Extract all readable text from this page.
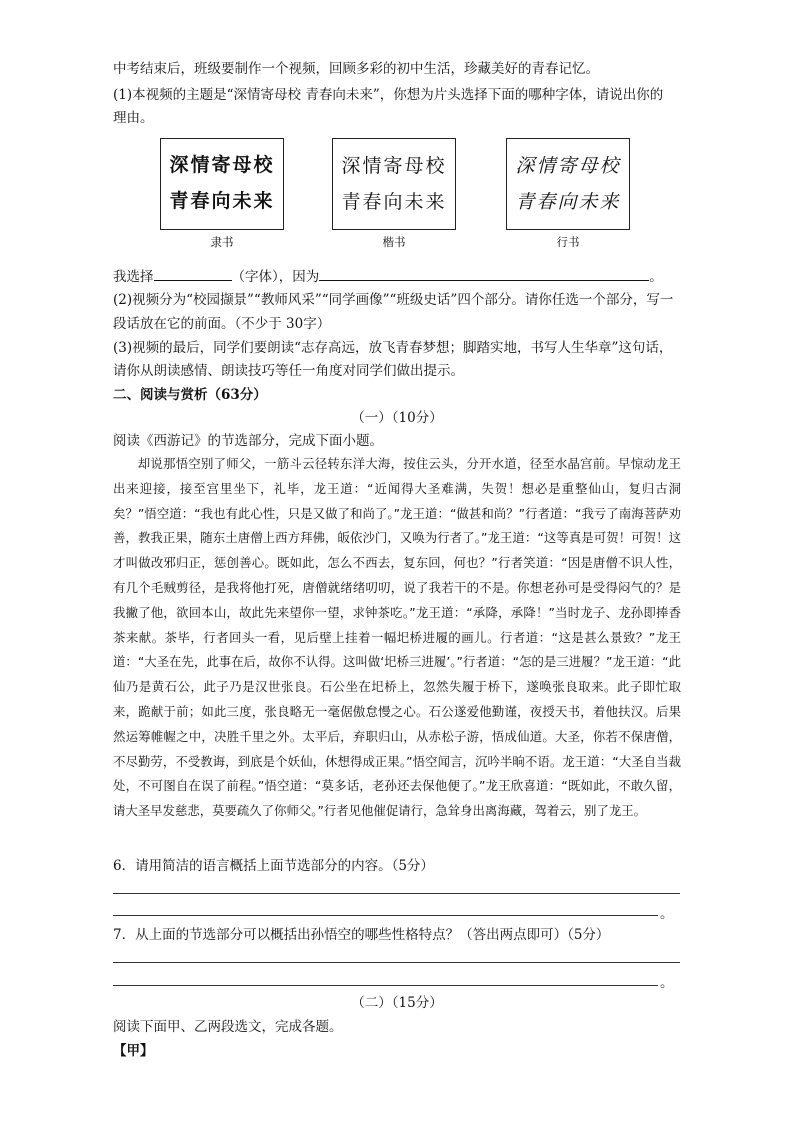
中考结束后，班级要制作一个视频，回顾多彩的初中生活，珍藏美好的青春记忆。
(1)本视频的主题是“深情寄母校 青春向未来”，你想为片头选择下面的哪种字体，请说出你的
理由。
深情寄母校
青春向未来
隶书
深情寄母校
青春向未来
楷书
深情寄母校
青春向未来
行书
我选择	（字体），因为	。
(2)视频分为“校园撷景”“教师风采”“同学画像”“班级史话”四个部分。请你任选一个部分，写一
段话放在它的前面。（不少于 30字）
(3)视频的最后，同学们要朗读“志存高远，放飞青春梦想；脚踏实地，书写人生华章”这句话，
请你从朗读感情、朗读技巧等任一角度对同学们做出提示。
二、阅读与赏析（63分）
（一）（10分）
阅读《西游记》的节选部分，完成下面小题。

却说那悟空别了师父，一筋斗云径转东洋大海，按住云头，分开水道，径至水晶宫前。早惊动龙王出来迎接，接至宫里坐下，礼毕，龙王道：“近闻得大圣难满，失贺！想必是重整仙山，复归古洞矣？”悟空道：“我也有此心性，只是又做了和尚了。”龙王道：“做甚和尚？”行者道：“我亏了南海菩萨劝善，教我正果，随东土唐僧上西方拜佛，皈依沙门，又唤为行者了。”龙王道：“这等真是可贺！可贺！这才叫做改邪归正，惩创善心。既如此，怎么不西去，复东回，何也？”行者笑道：“因是唐僧不识人性，有几个毛贼剪径，是我将他打死，唐僧就绪绪叨叨，说了我若干的不是。你想老孙可是受得闷气的？是我撇了他，欲回本山，故此先来望你一望，求钟茶吃。”龙王道：“承降，承降！”当时龙子、龙孙即捧香茶来献。茶毕，行者回头一看，见后壁上挂着一幅圯桥进履的画儿。行者道：“这是甚么景致？”龙王道：“大圣在先，此事在后，故你不认得。这叫做‘圯桥三进履’。”行者道：“怎的是三进履？”龙王道：“此仙乃是黄石公，此子乃是汉世张良。石公坐在圯桥上，忽然失履于桥下，遂唤张良取来。此子即忙取来，跪献于前；如此三度，张良略无一毫倨傲怠慢之心。石公遂爱他勤谨，夜授天书，着他扶汉。后果然运筹帷幄之中，决胜千里之外。太平后，弃职归山，从赤松子游，悟成仙道。大圣，你若不保唐僧，不尽勤劳，不受教诲，到底是个妖仙，休想得成正果。”悟空闻言，沉吟半晌不语。龙王道：“大圣自当裁处，不可图自在误了前程。”悟空道：“莫多话，老孙还去保他便了。”龙王欣喜道：“既如此，不敢久留，请大圣早发慈悲，莫要疏久了你师父。”行者见他催促请行，急耸身出离海藏，驾着云，别了龙王。

6．请用简洁的语言概括上面节选部分的内容。（5分）
。
7．从上面的节选部分可以概括出孙悟空的哪些性格特点？（答出两点即可）（5分）
。
（二）（15分）
阅读下面甲、乙两段选文，完成各题。
【甲】
